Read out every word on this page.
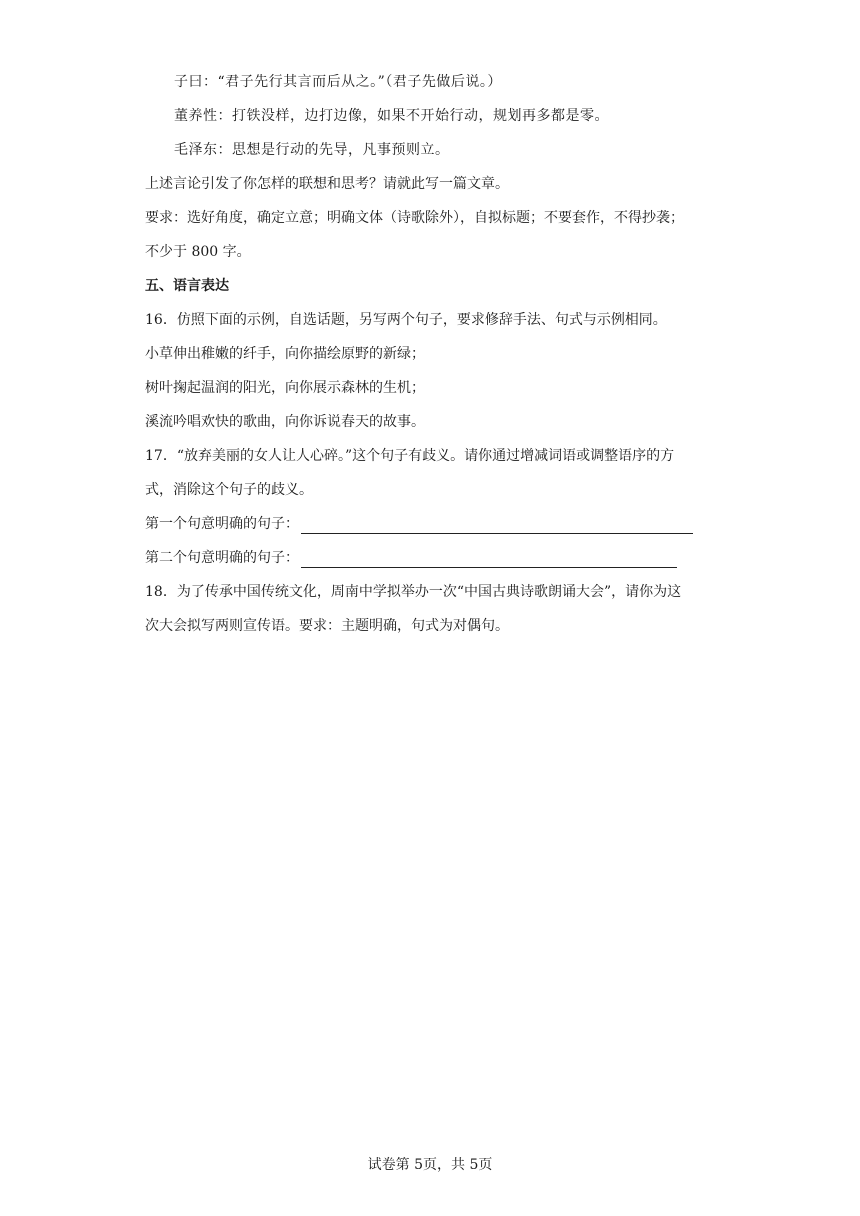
子曰：“君子先行其言而后从之。”（君子先做后说。）
董养性：打铁没样，边打边像，如果不开始行动，规划再多都是零。
毛泽东：思想是行动的先导，凡事预则立。
上述言论引发了你怎样的联想和思考？请就此写一篇文章。
要求：选好角度，确定立意；明确文体（诗歌除外），自拟标题；不要套作，不得抄袭；
不少于 800 字。
五、语言表达
16．仿照下面的示例，自选话题，另写两个句子，要求修辞手法、句式与示例相同。
小草伸出稚嫩的纤手，向你描绘原野的新绿；
树叶掬起温润的阳光，向你展示森林的生机；
溪流吟唱欢快的歌曲，向你诉说春天的故事。
17．“放弃美丽的女人让人心碎。”这个句子有歧义。请你通过增减词语或调整语序的方
式，消除这个句子的歧义。
第一个句意明确的句子：
第二个句意明确的句子：
18．为了传承中国传统文化，周南中学拟举办一次“中国古典诗歌朗诵大会”，请你为这
次大会拟写两则宣传语。要求：主题明确，句式为对偶句。
试卷第 5页，共 5页
